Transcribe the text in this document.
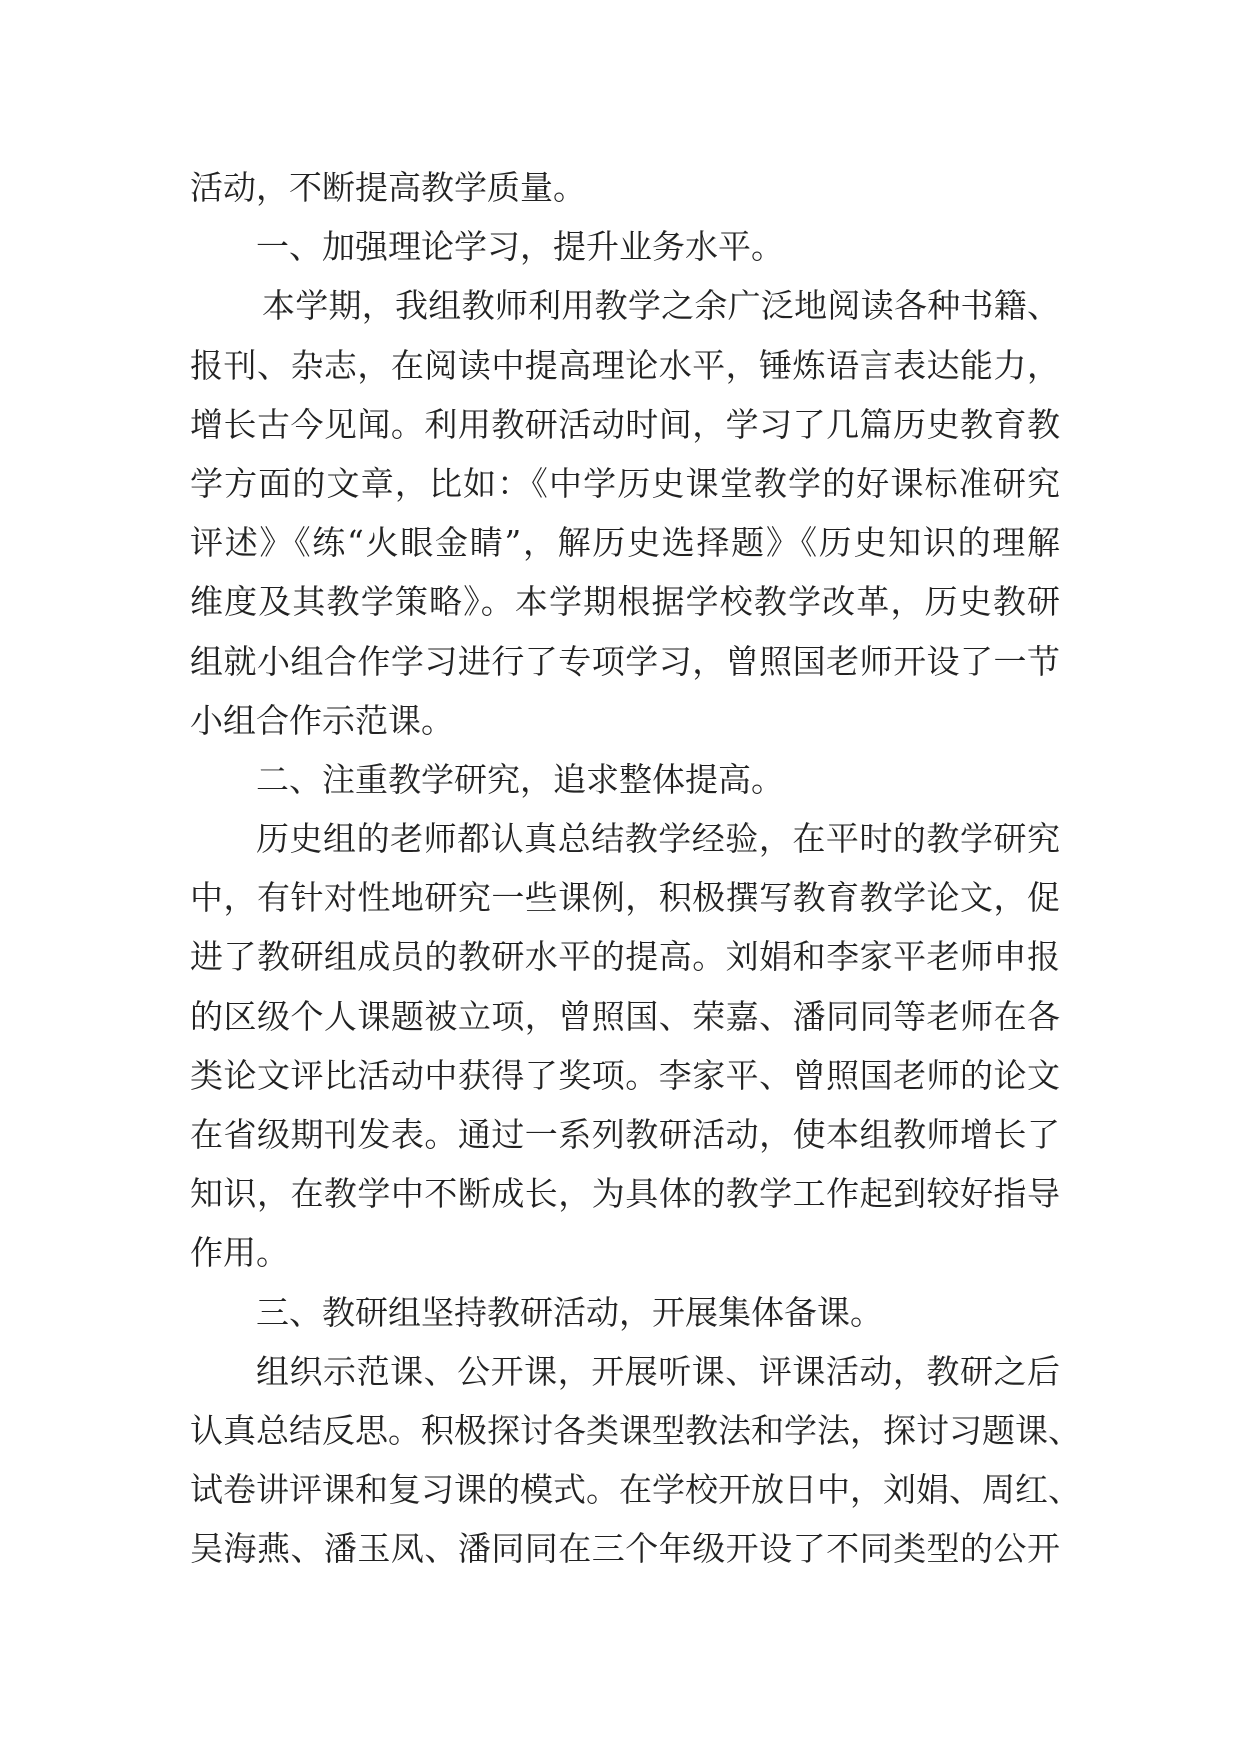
活动，不断提高教学质量。
一、加强理论学习，提升业务水平。
本学期，我组教师利用教学之余广泛地阅读各种书籍、
报刊、杂志，在阅读中提高理论水平，锤炼语言表达能力，
增长古今见闻。利用教研活动时间，学习了几篇历史教育教
学方面的文章，比如：《中学历史课堂教学的好课标准研究
评述》《练“火眼金睛”，解历史选择题》《历史知识的理解
维度及其教学策略》。本学期根据学校教学改革，历史教研
组就小组合作学习进行了专项学习，曾照国老师开设了一节
小组合作示范课。
二、注重教学研究，追求整体提高。
历史组的老师都认真总结教学经验，在平时的教学研究
中，有针对性地研究一些课例，积极撰写教育教学论文，促
进了教研组成员的教研水平的提高。刘娟和李家平老师申报
的区级个人课题被立项，曾照国、荣嘉、潘同同等老师在各
类论文评比活动中获得了奖项。李家平、曾照国老师的论文
在省级期刊发表。通过一系列教研活动，使本组教师增长了
知识，在教学中不断成长，为具体的教学工作起到较好指导
作用。
三、教研组坚持教研活动，开展集体备课。
组织示范课、公开课，开展听课、评课活动，教研之后
认真总结反思。积极探讨各类课型教法和学法，探讨习题课、
试卷讲评课和复习课的模式。在学校开放日中，刘娟、周红、
吴海燕、潘玉凤、潘同同在三个年级开设了不同类型的公开
